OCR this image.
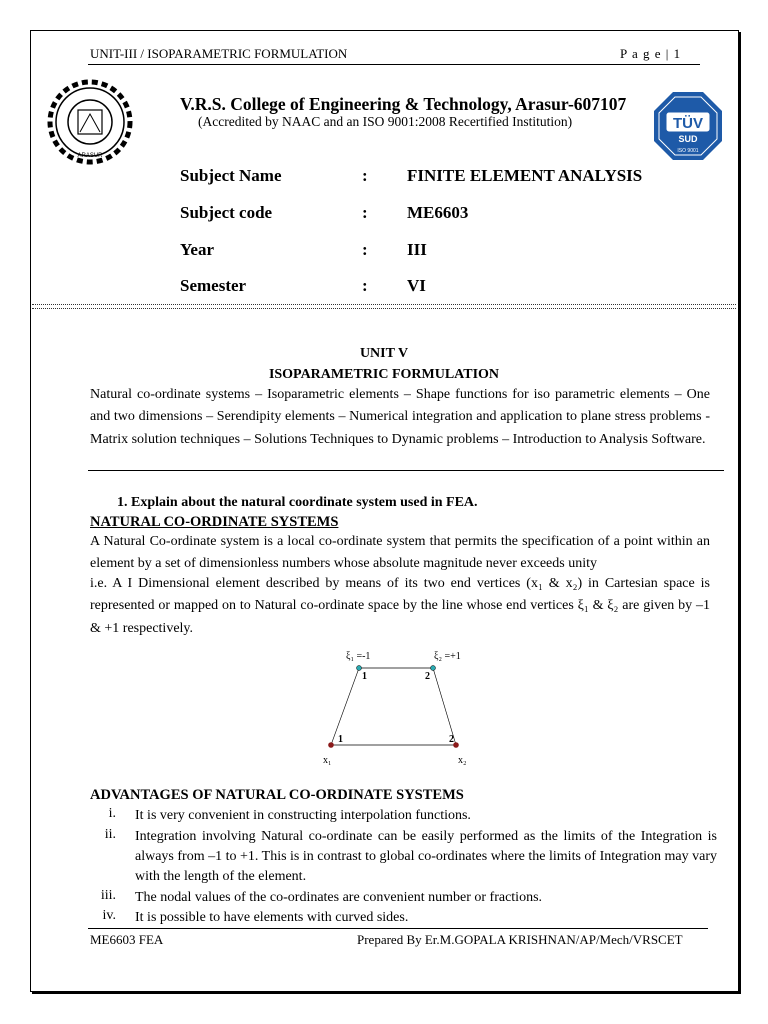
UNIT-III / ISOPARAMETRIC FORMULATION	P a g e | 1
ARASUR
V.R.S. College of Engineering & Technology, Arasur-607107
(Accredited by NAAC and an ISO 9001:2008 Recertified Institution)	TÜV
SUD
ISO 9001
Subject Name	: FINITE ELEMENT ANALYSIS
Subject code	: ME6603
Year	: III
Semester	: VI
UNIT V
ISOPARAMETRIC FORMULATION
Natural co-ordinate systems – Isoparametric elements – Shape functions for iso parametric elements – One and two dimensions – Serendipity elements – Numerical integration and application to plane stress problems - Matrix solution techniques – Solutions Techniques to Dynamic problems – Introduction to Analysis Software.
1. Explain about the natural coordinate system used in FEA.
NATURAL CO-ORDINATE SYSTEMS
A Natural Co-ordinate system is a local co-ordinate system that permits the specification of a point within an element by a set of dimensionless numbers whose absolute magnitude never exceeds unity
i.e. A I Dimensional element described by means of its two end vertices (x₁ & x₂) in Cartesian space is represented or mapped on to Natural co-ordinate space by the line whose end vertices ξ₁ & ξ₂ are given by –1 & +1 respectively.
ξ₁ =-1	ξ₂ =+1
1	2
1	2
x₁	x₂
ADVANTAGES OF NATURAL CO-ORDINATE SYSTEMS
i. It is very convenient in constructing interpolation functions.
ii. Integration involving Natural co-ordinate can be easily performed as the limits of the Integration is always from –1 to +1. This is in contrast to global co-ordinates where the limits of Integration may vary with the length of the element.
iii. The nodal values of the co-ordinates are convenient number or fractions.
iv. It is possible to have elements with curved sides.
ME6603 FEA	Prepared By Er.M.GOPALA KRISHNAN/AP/Mech/VRSCET
